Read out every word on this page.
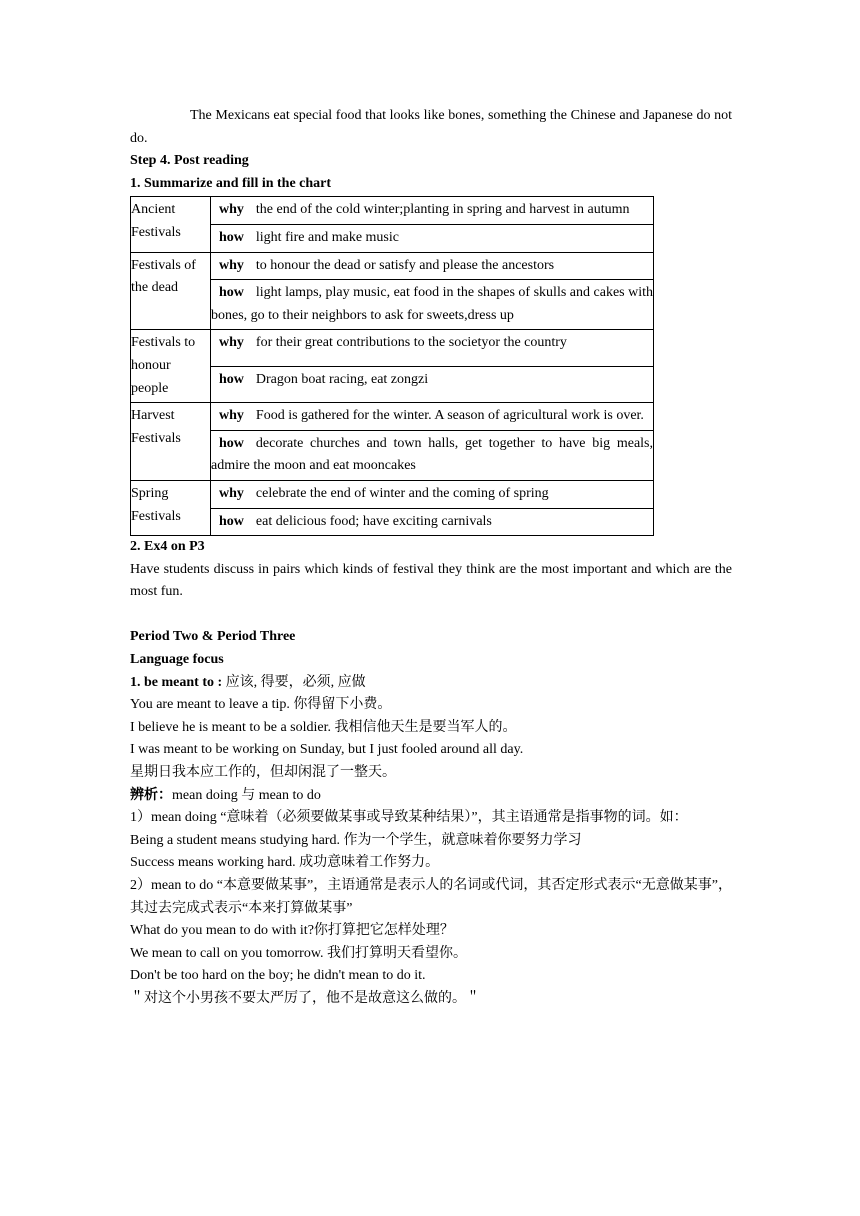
The Mexicans eat special food that looks like bones, something the Chinese and Japanese do not do.

Step 4. Post reading

1. Summarize and fill in the chart

Ancient Festivals	why the end of the cold winter;planting in spring and harvest in autumn

	how light fire and make music

Festivals of the dead	why to honour the dead or satisfy and please the ancestors

	how light lamps, play music, eat food in the shapes of skulls and cakes with bones, go to their neighbors to ask for sweets,dress up

Festivals to honour people	why for their great contributions to the societyor the country

	how Dragon boat racing, eat zongzi

Harvest Festivals	why Food is gathered for the winter. A season of agricultural work is over.

	how decorate churches and town halls, get together to have big meals, admire the moon and eat mooncakes

Spring Festivals	why celebrate the end of winter and the coming of spring

	how eat delicious food; have exciting carnivals

2. Ex4 on P3

Have students discuss in pairs which kinds of festival they think are the most important and which are the most fun.

Period Two & Period Three

Language focus

1. be meant to : 应该, 得要，必须, 应做

You are meant to leave a tip. 你得留下小费。

I believe he is meant to be a soldier. 我相信他天生是要当军人的。

I was meant to be working on Sunday, but I just fooled around all day.

星期日我本应工作的，但却闲混了一整天。

辨析：mean doing 与 mean to do

1）mean doing “意味着（必须要做某事或导致某种结果）”，其主语通常是指事物的词。如：

Being a student means studying hard. 作为一个学生，就意味着你要努力学习

Success means working hard. 成功意味着工作努力。

2）mean to do “本意要做某事”，主语通常是表示人的名词或代词，其否定形式表示“无意做某事”，其过去完成式表示“本来打算做某事”

What do you mean to do with it?你打算把它怎样处理？

We mean to call on you tomorrow. 我们打算明天看望你。

Don't be too hard on the boy; he didn't mean to do it.

＂对这个小男孩不要太严厉了，他不是故意这么做的。＂
